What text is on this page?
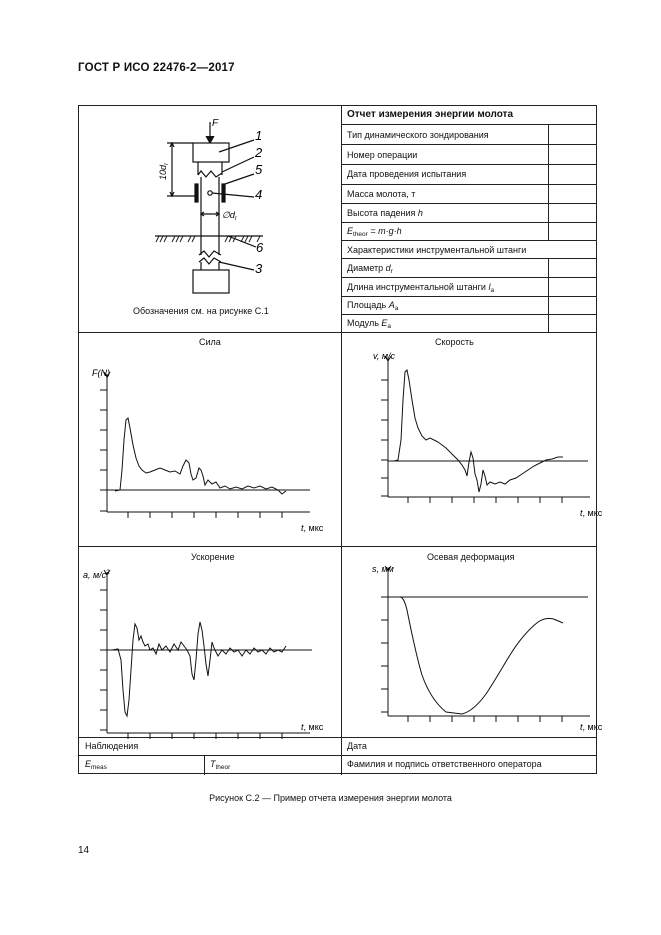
ГОСТ Р ИСО 22476-2—2017
Отчет измерения энергии молота
Тип динамического зондирования
Номер операции
Дата проведения испытания
Масса молота, т
Высота падения h
$E_{theor} = m\cdot g\cdot h$
Характеристики инструментальной штанги
Диаметр $d_r$
Длина инструментальной штанги $l_a$
Площадь $A_a$
Модуль $E_a$
Обозначения см. на рисунке С.1
Сила	Скорость
Ускорение	Осевая деформация
Наблюдения	Дата
$E_{meas}$	$T_{theor}$	Фамилия и подпись ответственного оператора
F
$10d_r$
$\emptyset d_r$
1
2
5
4
6
3
F(N)
t, мкс
v, м/с
t, мкс
a, $м/с^2$
t, мкс
s, мм
t, мкс
Рисунок С.2 — Пример отчета измерения энергии молота
14
